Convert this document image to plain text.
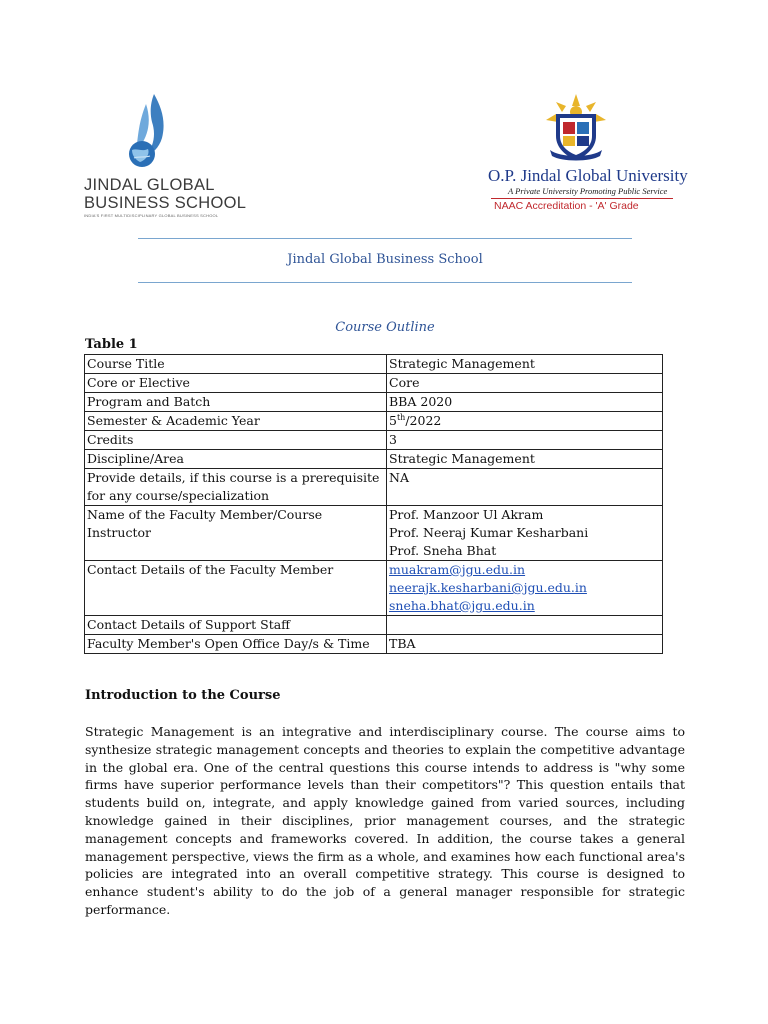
JINDAL GLOBAL
BUSINESS SCHOOL
INDIA'S FIRST MULTIDISCIPLINARY GLOBAL BUSINESS SCHOOL
O.P. Jindal Global University
A Private University Promoting Public Service
NAAC Accreditation - 'A' Grade
Jindal Global Business School
Course Outline
Table 1
Course Title	Strategic Management
Core or Elective	Core
Program and Batch	BBA 2020
Semester & Academic Year	5th/2022
Credits	3
Discipline/Area	Strategic Management
Provide details, if this course is a prerequisite for any course/specialization	NA
Name of the Faculty Member/Course Instructor	Prof. Manzoor Ul Akram
Prof. Neeraj Kumar Kesharbani
Prof. Sneha Bhat

Contact Details of the Faculty Member	muakram@jgu.edu.in
neerajk.kesharbani@jgu.edu.in
sneha.bhat@jgu.edu.in

Contact Details of Support Staff	
Faculty Member's Open Office Day/s & Time	TBA
Introduction to the Course
Strategic Management is an integrative and interdisciplinary course. The course aims to synthesize strategic management concepts and theories to explain the competitive advantage in the global era. One of the central questions this course intends to address is "why some firms have superior performance levels than their competitors"? This question entails that students build on, integrate, and apply knowledge gained from varied sources, including knowledge gained in their disciplines, prior management courses, and the strategic management concepts and frameworks covered. In addition, the course takes a general management perspective, views the firm as a whole, and examines how each functional area's policies are integrated into an overall competitive strategy. This course is designed to enhance student's ability to do the job of a general manager responsible for strategic performance.
